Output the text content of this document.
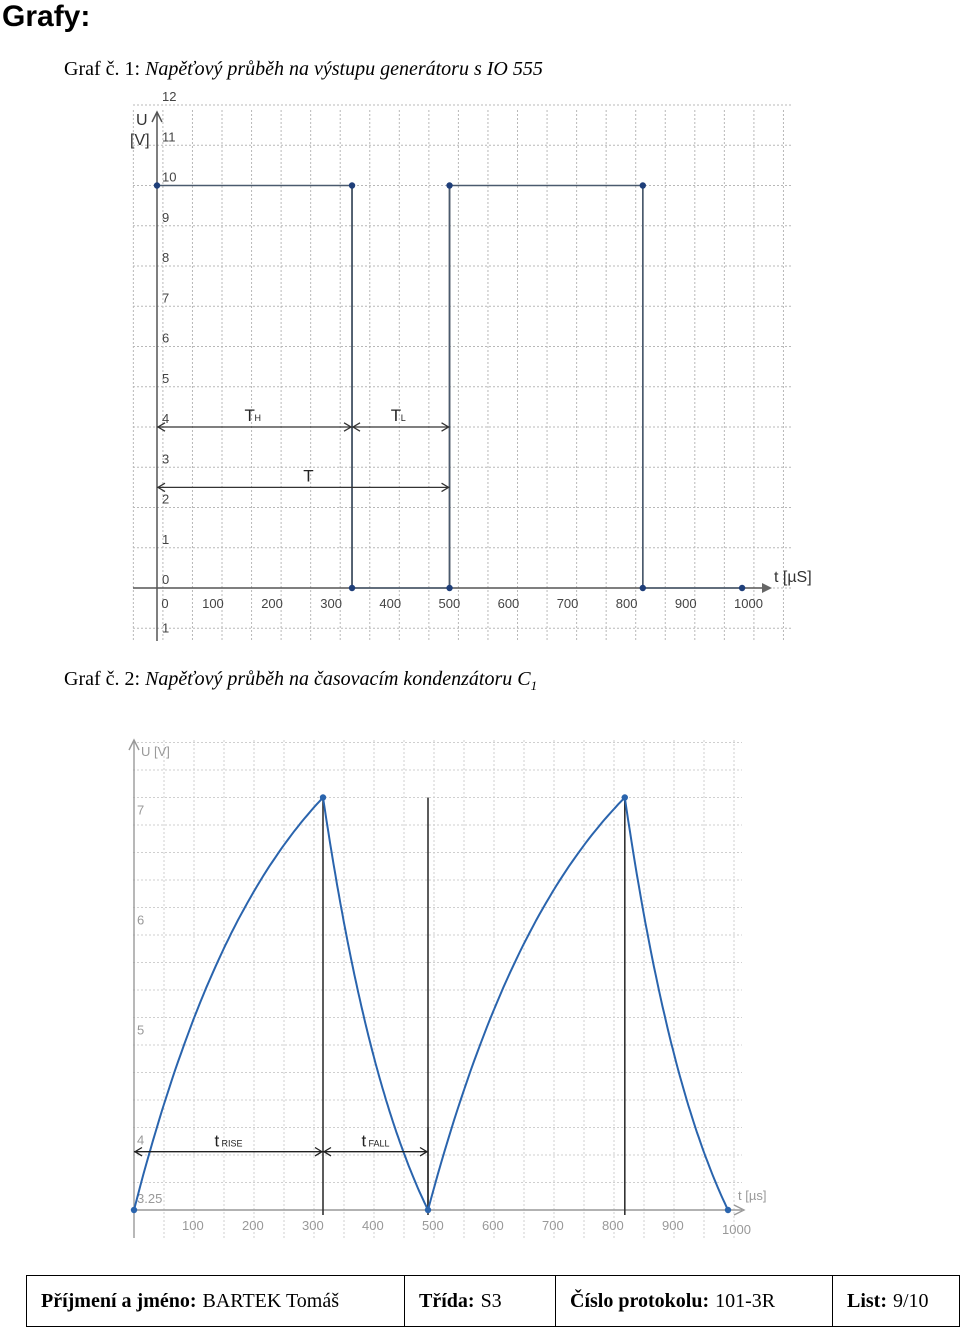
Grafy:
Graf č. 1: Napěťový průběh na výstupu generátoru s IO 555
Graf č. 2: Napěťový průběh na časovacím kondenzátoru $C_1$
0	100	200	300	400	500	600	700	800	900	1000
1
0
1
2
3
4
5
6
7
8
9
10
11
12
U
[V]
t [µS]
T H	T L
T
100	200	300	400	500	600	700	800	900	1000
3.25
4
5
6
7
U [V]
t [µs]
t RISE	t FALL
Příjmení a jméno: BARTEK Tomáš	Třída: S3	Číslo protokolu: 101-3R	List: 9/10
